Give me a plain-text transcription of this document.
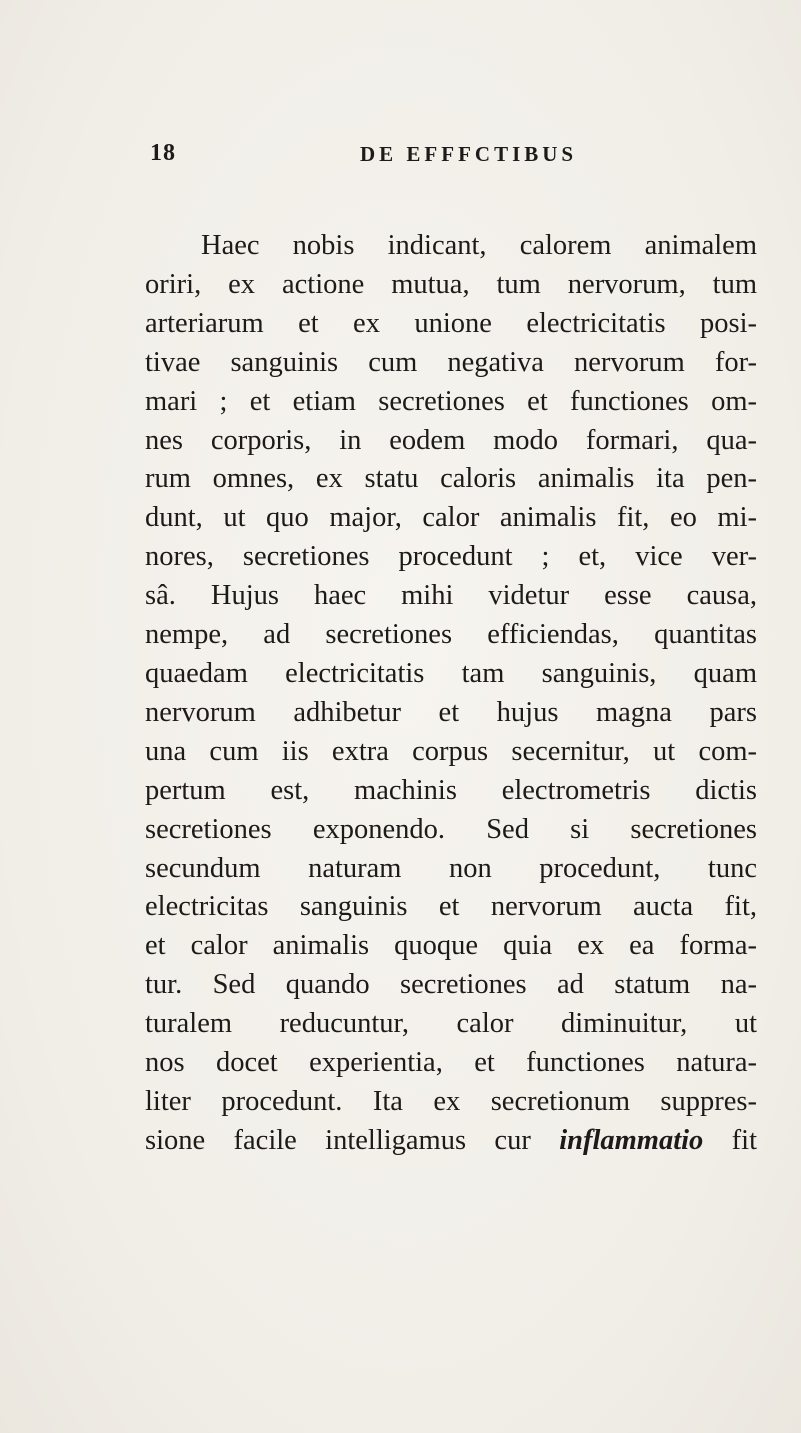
18	DE EFFFCTIBUS
Haec nobis indicant, calorem animalem
oriri, ex actione mutua, tum nervorum, tum
arteriarum et ex unione electricitatis posi-
tivae sanguinis cum negativa nervorum for-
mari ; et etiam secretiones et functiones om-
nes corporis, in eodem modo formari, qua-
rum omnes, ex statu caloris animalis ita pen-
dunt, ut quo major, calor animalis fit, eo mi-
nores, secretiones procedunt ; et, vice ver-
sâ. Hujus haec mihi videtur esse causa,
nempe, ad secretiones efficiendas, quantitas
quaedam electricitatis tam sanguinis, quam
nervorum adhibetur et hujus magna pars
una cum iis extra corpus secernitur, ut com-
pertum est, machinis electrometris dictis
secretiones exponendo. Sed si secretiones
secundum naturam non procedunt, tunc
electricitas sanguinis et nervorum aucta fit,
et calor animalis quoque quia ex ea forma-
tur. Sed quando secretiones ad statum na-
turalem reducuntur, calor diminuitur, ut
nos docet experientia, et functiones natura-
liter procedunt. Ita ex secretionum suppres-
sione facile intelligamus cur inflammatio fit
